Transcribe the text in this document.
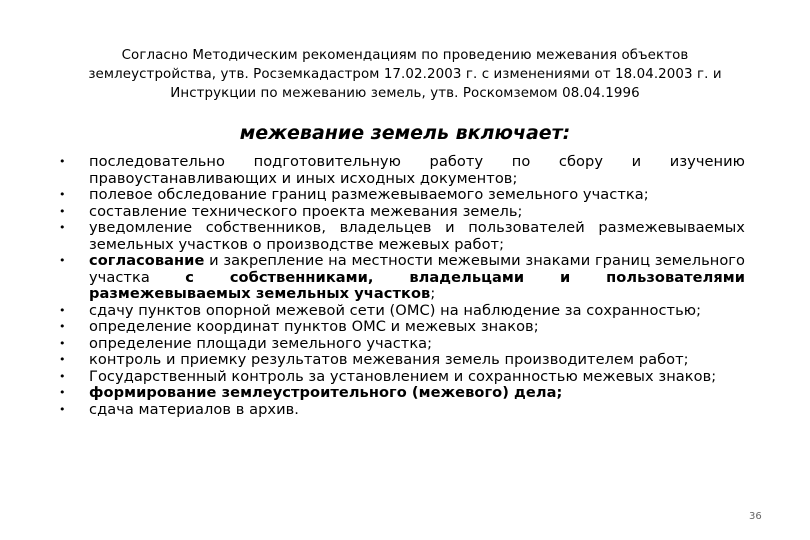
Согласно Методическим рекомендациям по проведению межевания объектов
землеустройства, утв. Росземкадастром 17.02.2003 г. с изменениями от 18.04.2003 г. и
Инструкции по межеванию земель, утв. Роскомземом 08.04.1996
межевание земель включает:
• последовательно подготовительную работу по сбору и изучению правоустанавливающих и иных исходных документов;
• полевое обследование границ размежевываемого земельного участка;
• составление технического проекта межевания земель;
• уведомление собственников, владельцев и пользователей размежевываемых земельных участков о производстве межевых работ;
• согласование и закрепление на местности межевыми знаками границ земельного участка с собственниками, владельцами и пользователями размежевываемых земельных участков;
• сдачу пунктов опорной межевой сети (ОМС) на наблюдение за сохранностью;
• определение координат пунктов ОМС и межевых знаков;
• определение площади земельного участка;
• контроль и приемку результатов межевания земель производителем работ;
• Государственный контроль за установлением и сохранностью межевых знаков;
• формирование землеустроительного (межевого) дела;
• сдача материалов в архив.
36
